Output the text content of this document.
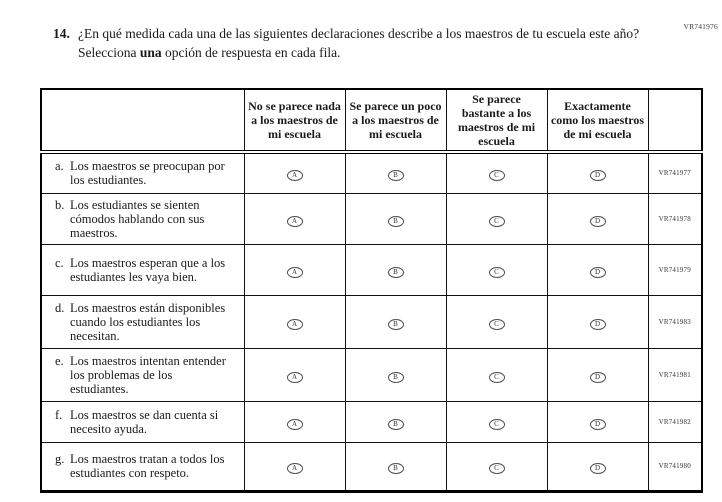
VR741976
14. ¿En qué medida cada una de las siguientes declaraciones describe a los maestros de tu escuela este año? Selecciona una opción de respuesta en cada fila.
	No se parece nada a los maestros de mi escuela	Se parece un poco a los maestros de mi escuela	Se parece bastante a los maestros de mi escuela	Exactamente como los maestros de mi escuela	

a. Los maestros se preocupan por los estudiantes.	A	B	C	D	VR741977

b. Los estudiantes se sienten cómodos hablando con sus maestros.	A	B	C	D	VR741978

c. Los maestros esperan que a los estudiantes les vaya bien.	A	B	C	D	VR741979

d. Los maestros están disponibles cuando los estudiantes los necesitan.	A	B	C	D	VR741983

e. Los maestros intentan entender los problemas de los estudiantes.	A	B	C	D	VR741981

f. Los maestros se dan cuenta si necesito ayuda.	A	B	C	D	VR741982

g. Los maestros tratan a todos los estudiantes con respeto.	A	B	C	D	VR741980
